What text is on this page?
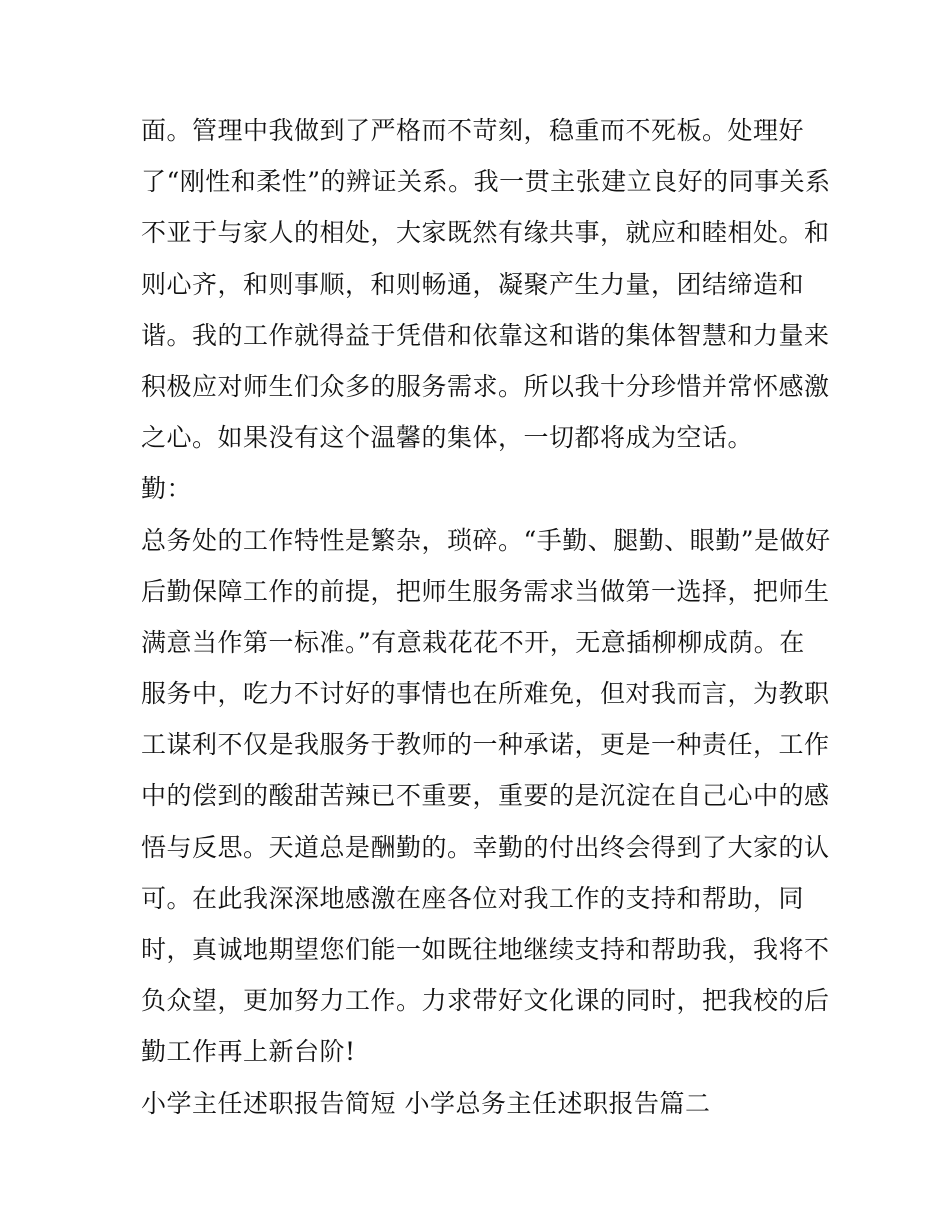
面。管理中我做到了严格而不苛刻，稳重而不死板。处理好
了“刚性和柔性”的辨证关系。我一贯主张建立良好的同事关系
不亚于与家人的相处，大家既然有缘共事，就应和睦相处。和
则心齐，和则事顺，和则畅通，凝聚产生力量，团结缔造和
谐。我的工作就得益于凭借和依靠这和谐的集体智慧和力量来
积极应对师生们众多的服务需求。所以我十分珍惜并常怀感激
之心。如果没有这个温馨的集体，一切都将成为空话。
勤：
总务处的工作特性是繁杂，琐碎。“手勤、腿勤、眼勤”是做好
后勤保障工作的前提，把师生服务需求当做第一选择，把师生
满意当作第一标准。”有意栽花花不开，无意插柳柳成荫。在
服务中，吃力不讨好的事情也在所难免，但对我而言，为教职
工谋利不仅是我服务于教师的一种承诺，更是一种责任，工作
中的偿到的酸甜苦辣已不重要，重要的是沉淀在自己心中的感
悟与反思。天道总是酬勤的。幸勤的付出终会得到了大家的认
可。在此我深深地感激在座各位对我工作的支持和帮助，同
时，真诚地期望您们能一如既往地继续支持和帮助我，我将不
负众望，更加努力工作。力求带好文化课的同时，把我校的后
勤工作再上新台阶!
小学主任述职报告简短 小学总务主任述职报告篇二
